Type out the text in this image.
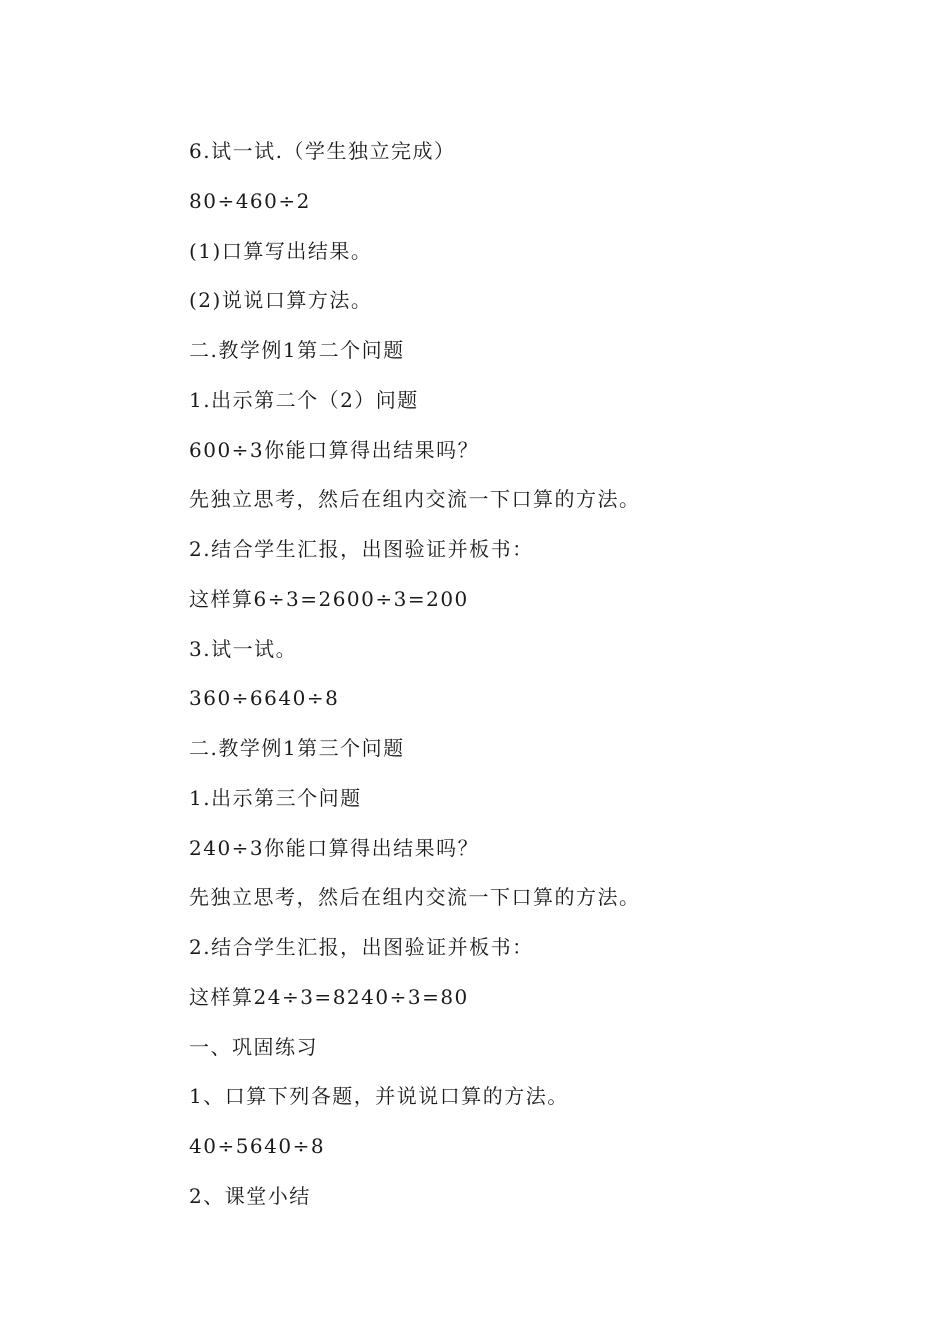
6.试一试.（学生独立完成）
80÷460÷2
(1)口算写出结果。
(2)说说口算方法。
二.教学例1第二个问题
1.出示第二个（2）问题
600÷3你能口算得出结果吗？
先独立思考，然后在组内交流一下口算的方法。
2.结合学生汇报，出图验证并板书：
这样算6÷3=2600÷3=200
3.试一试。
360÷6640÷8
二.教学例1第三个问题
1.出示第三个问题
240÷3你能口算得出结果吗？
先独立思考，然后在组内交流一下口算的方法。
2.结合学生汇报，出图验证并板书：
这样算24÷3=8240÷3=80
一、巩固练习
1、口算下列各题，并说说口算的方法。
40÷5640÷8
2、课堂小结
